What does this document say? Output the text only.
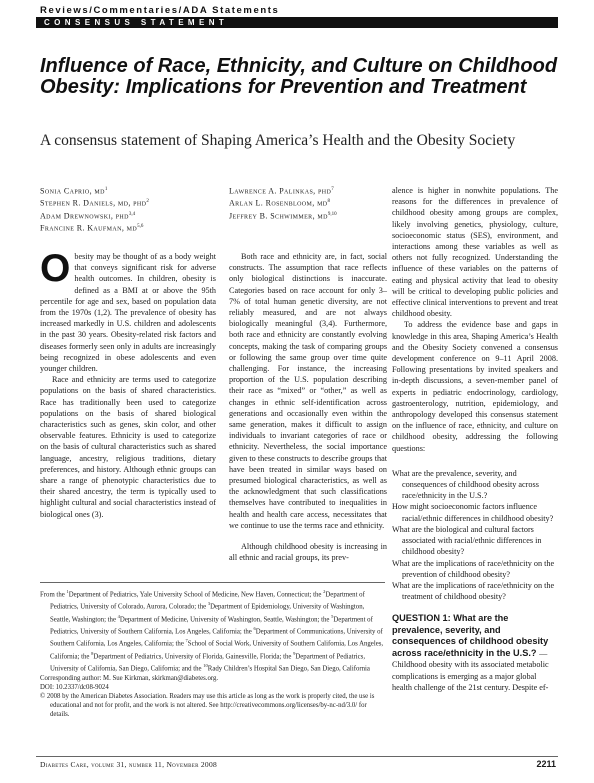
Reviews/Commentaries/ADA Statements
CONSENSUS STATEMENT
Influence of Race, Ethnicity, and Culture on Childhood Obesity: Implications for Prevention and Treatment
A consensus statement of Shaping America’s Health and the Obesity Society
Sonia Caprio, $md^1$
Stephen R. Daniels, md, phd$^2$
Adam Drewnowski, phd$^{3,4}$
Francine R. Kaufman, md$^{5,6}$
Lawrence A. Palinkas, phd$^7$
Arlan L. Rosenbloom, $md^8$
Jeffrey B. Schwimmer, md$^{9,10}$

Obesity may be thought of as a body weight that conveys significant risk for adverse health outcomes. In children, obesity is defined as a BMI at or above the 95th percentile for age and sex, based on population data from the 1970s (1,2). The prevalence of obesity has increased markedly in U.S. children and adolescents in the past 30 years. Obesity-related risk factors and diseases formerly seen only in adults are increasingly being recognized in obese adolescents and even younger children.

Race and ethnicity are terms used to categorize populations on the basis of shared characteristics. Race has traditionally been used to categorize populations on the basis of shared biological characteristics such as genes, skin color, and other observable features. Ethnicity is used to categorize on the basis of cultural characteristics such as shared language, ancestry, religious traditions, dietary preferences, and history. Although ethnic groups can share a range of phenotypic characteristics due to their shared ancestry, the term is typically used to highlight cultural and social characteristics instead of biological ones (3).

Both race and ethnicity are, in fact, social constructs. The assumption that race reflects only biological distinctions is inaccurate. Categories based on race account for only 3–7% of total human genetic diversity, are not reliably measured, and are not always biologically meaningful (3,4). Furthermore, both race and ethnicity are constantly evolving concepts, making the task of comparing groups or following the same group over time quite challenging. For instance, the increasing proportion of the U.S. population describing their race as “mixed” or “other,” as well as changes in ethnic self-identification across generations and occasionally even within the same generation, makes it difficult to assign individuals to invariant categories of race or ethnicity. Nevertheless, the social importance given to these constructs to describe groups that have been treated in similar ways based on presumed biological characteristics, as well as the acknowledgment that such classifications themselves have contributed to inequalities in health and health care access, necessitates that we continue to use the terms race and ethnicity.

Although childhood obesity is increasing in all ethnic and racial groups, its prev-

alence is higher in nonwhite populations. The reasons for the differences in prevalence of childhood obesity among groups are complex, likely involving genetics, physiology, culture, socioeconomic status (SES), environment, and interactions among these variables as well as others not fully recognized. Understanding the influence of these variables on the patterns of eating and physical activity that lead to obesity will be critical to developing public policies and effective clinical interventions to prevent and treat childhood obesity.

To address the evidence base and gaps in knowledge in this area, Shaping America’s Health and the Obesity Society convened a consensus development conference on 9–11 April 2008. Following presentations by invited speakers and in-depth discussions, a seven-member panel of experts in pediatric endocrinology, cardiology, gastroenterology, nutrition, epidemiology, and anthropology developed this consensus statement on the influence of race, ethnicity, and culture on childhood obesity, addressing the following questions:

What are the prevalence, severity, and consequences of childhood obesity across race/ethnicity in the U.S.?

How might socioeconomic factors influence racial/ethnic differences in childhood obesity?

What are the biological and cultural factors associated with racial/ethnic differences in childhood obesity?

What are the implications of race/ethnicity on the prevention of childhood obesity?

What are the implications of race/ethnicity on the treatment of childhood obesity?

QUESTION 1: What are the prevalence, severity, and consequences of childhood obesity across race/ethnicity in the U.S.? — Childhood obesity with its associated metabolic complications is emerging as a major global health challenge of the 21st century. Despite ef-

From the $^1$Department of Pediatrics, Yale University School of Medicine, New Haven, Connecticut; the $^2$Department of Pediatrics, University of Colorado, Aurora, Colorado; the $^3$Department of Epidemiology, University of Washington, Seattle, Washington; the $^4$Department of Medicine, University of Washington, Seattle, Washington; the $^5$Department of Pediatrics, University of Southern California, Los Angeles, California; the $^6$Department of Communications, University of Southern California, Los Angeles, California; the $^7$School of Social Work, University of Southern California, Los Angeles, California; the $^8$Department of Pediatrics, University of Florida, Gainesville, Florida; the $^9$Department of Pediatrics, University of California, San Diego, California; and the $^{10}$Rady Children’s Hospital San Diego, San Diego, California

Corresponding author: M. Sue Kirkman, skirkman@diabetes.org.

DOI: 10.2337/dc08-9024

© 2008 by the American Diabetes Association. Readers may use this article as long as the work is properly cited, the use is educational and not for profit, and the work is not altered. See http://creativecommons.org/licenses/by-nc-nd/3.0/ for details.

Diabetes Care, volume 31, number 11, November 2008	2211
